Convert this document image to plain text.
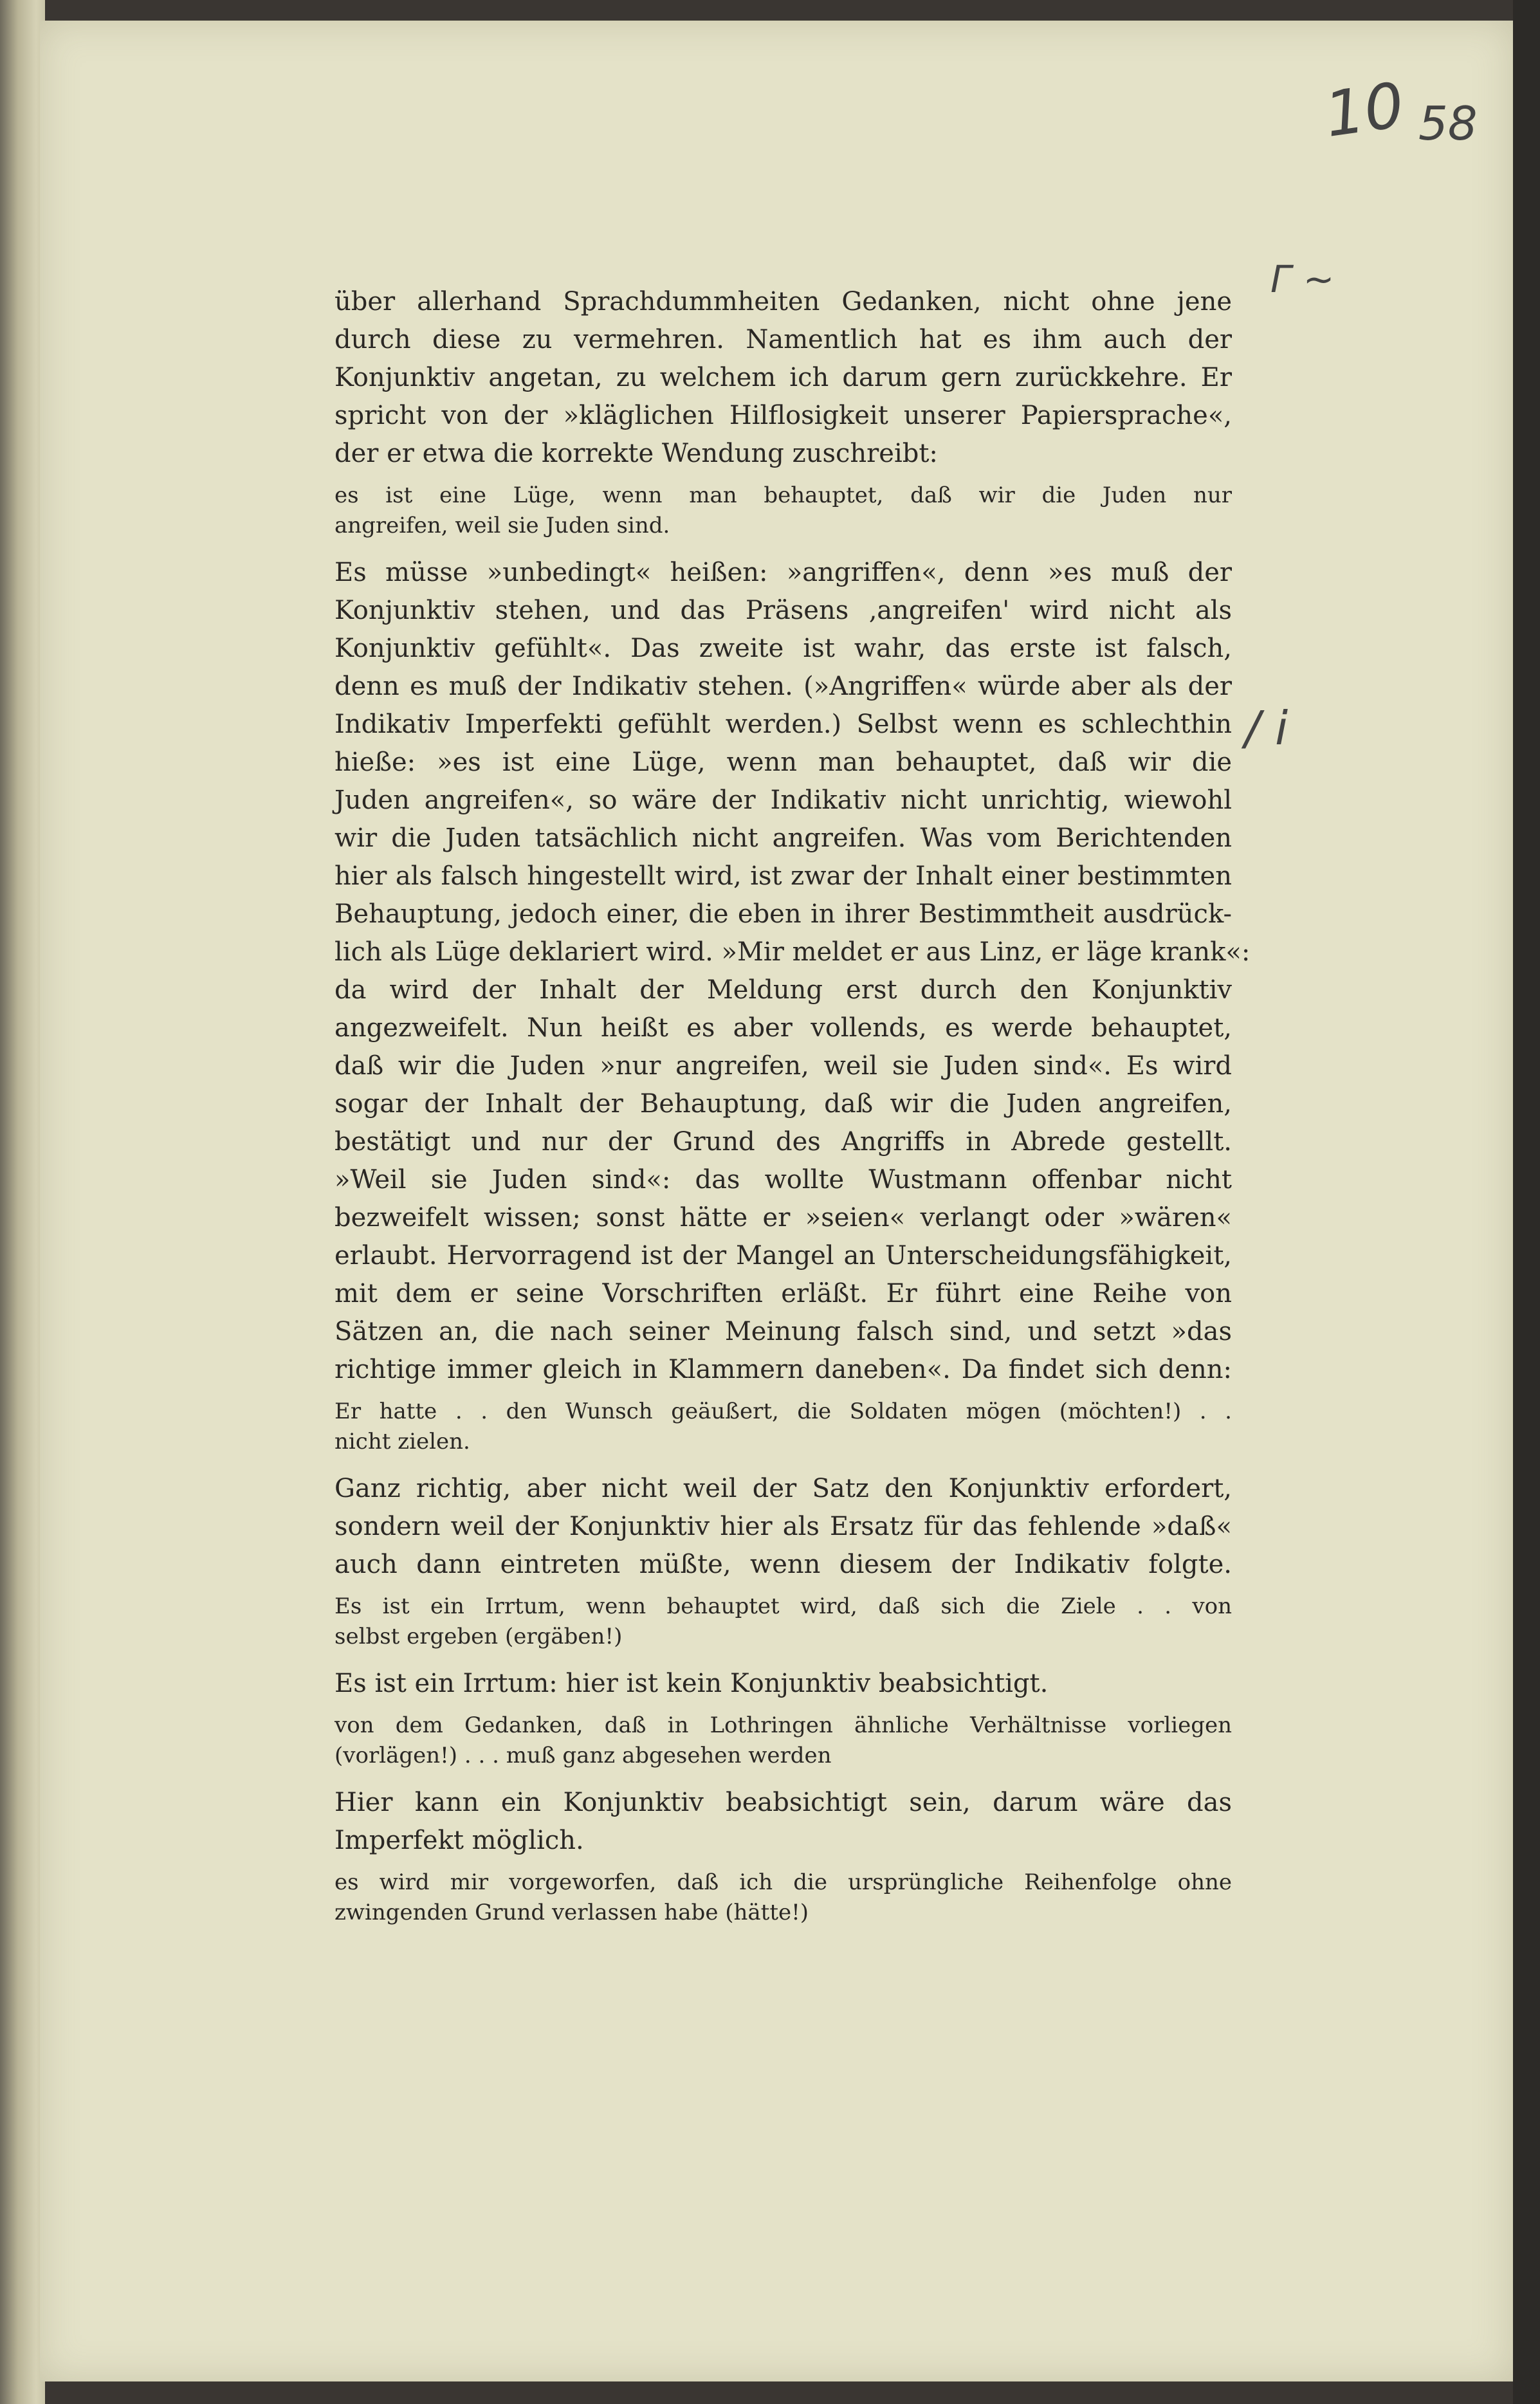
10 58
Γ ~
/ i
über allerhand Sprachdummheiten Gedanken, nicht ohne jene
durch diese zu vermehren. Namentlich hat es ihm auch der
Konjunktiv angetan, zu welchem ich darum gern zurückkehre. Er
spricht von der »kläglichen Hilflosigkeit unserer Papiersprache«,
der er etwa die korrekte Wendung zuschreibt:
es ist eine Lüge, wenn man behauptet, daß wir die Juden nur
angreifen, weil sie Juden sind.
Es müsse »unbedingt« heißen: »angriffen«, denn »es muß der
Konjunktiv stehen, und das Präsens ‚angreifen' wird nicht als
Konjunktiv gefühlt«. Das zweite ist wahr, das erste ist falsch,
denn es muß der Indikativ stehen. (»Angriffen« würde aber als der
Indikativ Imperfekti gefühlt werden.) Selbst wenn es schlechthin
hieße: »es ist eine Lüge, wenn man behauptet, daß wir die
Juden angreifen«, so wäre der Indikativ nicht unrichtig, wiewohl
wir die Juden tatsächlich nicht angreifen. Was vom Berichtenden
hier als falsch hingestellt wird, ist zwar der Inhalt einer bestimmten
Behauptung, jedoch einer, die eben in ihrer Bestimmtheit ausdrück-
lich als Lüge deklariert wird. »Mir meldet er aus Linz, er läge krank«:
da wird der Inhalt der Meldung erst durch den Konjunktiv
angezweifelt. Nun heißt es aber vollends, es werde behauptet,
daß wir die Juden »nur angreifen, weil sie Juden sind«. Es wird
sogar der Inhalt der Behauptung, daß wir die Juden angreifen,
bestätigt und nur der Grund des Angriffs in Abrede gestellt.
»Weil sie Juden sind«: das wollte Wustmann offenbar nicht
bezweifelt wissen; sonst hätte er »seien« verlangt oder »wären«
erlaubt. Hervorragend ist der Mangel an Unterscheidungsfähigkeit,
mit dem er seine Vorschriften erläßt. Er führt eine Reihe von
Sätzen an, die nach seiner Meinung falsch sind, und setzt »das
richtige immer gleich in Klammern daneben«. Da findet sich denn:
Er hatte . . den Wunsch geäußert, die Soldaten mögen (möchten!) . .
nicht zielen.
Ganz richtig, aber nicht weil der Satz den Konjunktiv erfordert,
sondern weil der Konjunktiv hier als Ersatz für das fehlende »daß«
auch dann eintreten müßte, wenn diesem der Indikativ folgte.
Es ist ein Irrtum, wenn behauptet wird, daß sich die Ziele . . von
selbst ergeben (ergäben!)
Es ist ein Irrtum: hier ist kein Konjunktiv beabsichtigt.
von dem Gedanken, daß in Lothringen ähnliche Verhältnisse vorliegen
(vorlägen!) . . . muß ganz abgesehen werden
Hier kann ein Konjunktiv beabsichtigt sein, darum wäre das
Imperfekt möglich.
es wird mir vorgeworfen, daß ich die ursprüngliche Reihenfolge ohne
zwingenden Grund verlassen habe (hätte!)
